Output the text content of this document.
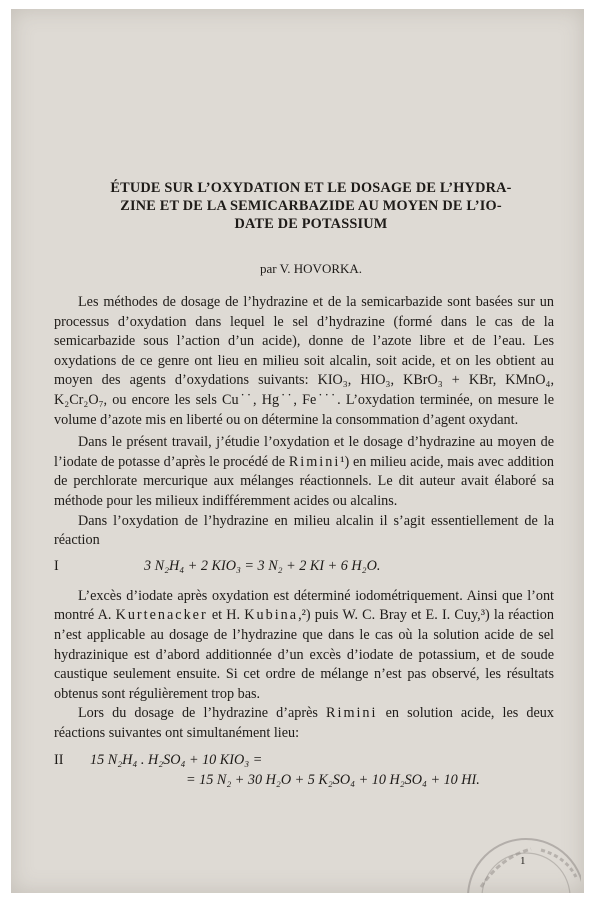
ÉTUDE SUR L’OXYDATION ET LE DOSAGE DE L’HYDRA-
ZINE ET DE LA SEMICARBAZIDE AU MOYEN DE L’IO-
DATE DE POTASSIUM
par V. HOVORKA.

Les méthodes de dosage de l’hydrazine et de la semicarbazide sont basées sur un processus d’oxydation dans lequel le sel d’hydrazine (formé dans le cas de la semicarbazide sous l’action d’un acide), donne de l’azote libre et de l’eau. Les oxydations de ce genre ont lieu en milieu soit alcalin, soit acide, et on les obtient au moyen des agents d’oxydations suivants: KIO₃, HIO₃, KBrO₃ + KBr, KMnO₄, K₂Cr₂O₇, ou encore les sels Cu˙˙, Hg˙˙, Fe˙˙˙. L’oxydation terminée, on mesure le volume d’azote mis en liberté ou on détermine la consommation d’agent oxydant.

Dans le présent travail, j’étudie l’oxydation et le dosage d’hydrazine au moyen de l’iodate de potasse d’après le procédé de Rimini¹) en milieu acide, mais avec addition de perchlorate mercurique aux mélanges réactionnels. Le dit auteur avait élaboré sa méthode pour les milieux indifféremment acides ou alcalins.

Dans l’oxydation de l’hydrazine en milieu alcalin il s’agit essentiellement de la réaction

I	3 N₂H₄ + 2 KIO₃ = 3 N₂ + 2 KI + 6 H₂O.

L’excès d’iodate après oxydation est déterminé iodométriquement. Ainsi que l’ont montré A. Kurtenacker et H. Kubina,²) puis W. C. Bray et E. I. Cuy,³) la réaction n’est applicable au dosage de l’hydrazine que dans le cas où la solution acide de sel hydrazinique est d’abord additionnée d’un excès d’iodate de potassium, et de soude caustique seulement ensuite. Si cet ordre de mélange n’est pas observé, les résultats obtenus sont régulièrement trop bas.

Lors du dosage de l’hydrazine d’après Rimini en solution acide, les deux réactions suivantes ont simultanément lieu:

II 15 N₂H₄ . H₂SO₄ + 10 KIO₃ =
= 15 N₂ + 30 H₂O + 5 K₂SO₄ + 10 H₂SO₄ + 10 HI.
1
